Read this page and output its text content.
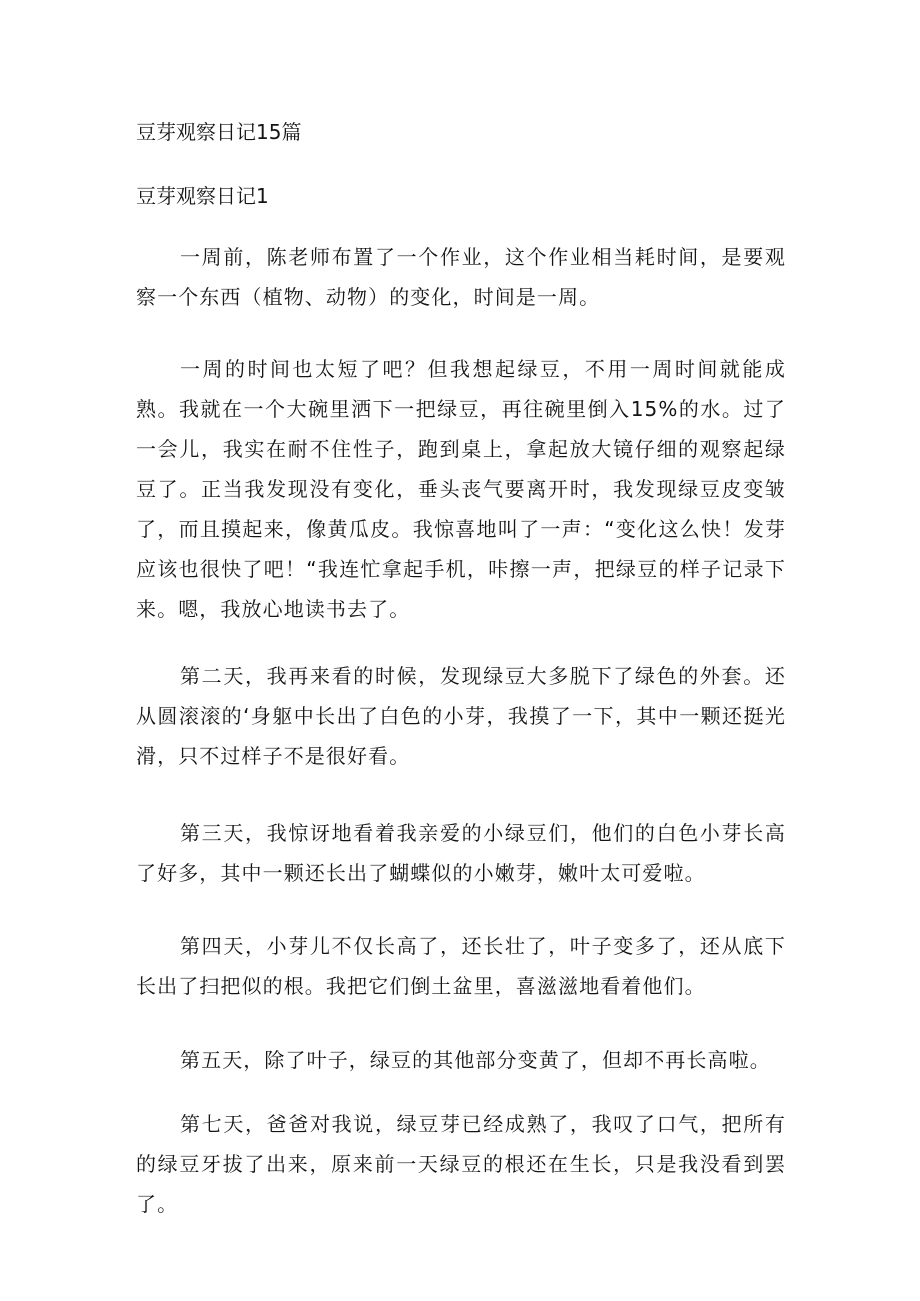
豆芽观察日记15篇
豆芽观察日记1

一周前，陈老师布置了一个作业，这个作业相当耗时间，是要观察一个东西（植物、动物）的变化，时间是一周。

一周的时间也太短了吧？但我想起绿豆，不用一周时间就能成熟。我就在一个大碗里洒下一把绿豆，再往碗里倒入15%的水。过了一会儿，我实在耐不住性子，跑到桌上，拿起放大镜仔细的观察起绿豆了。正当我发现没有变化，垂头丧气要离开时，我发现绿豆皮变皱了，而且摸起来，像黄瓜皮。我惊喜地叫了一声：“变化这么快！发芽应该也很快了吧！“我连忙拿起手机，咔擦一声，把绿豆的样子记录下来。嗯，我放心地读书去了。

第二天，我再来看的时候，发现绿豆大多脱下了绿色的外套。还从圆滚滚的‘身躯中长出了白色的小芽，我摸了一下，其中一颗还挺光滑，只不过样子不是很好看。

第三天，我惊讶地看着我亲爱的小绿豆们，他们的白色小芽长高了好多，其中一颗还长出了蝴蝶似的小嫩芽，嫩叶太可爱啦。

第四天，小芽儿不仅长高了，还长壮了，叶子变多了，还从底下长出了扫把似的根。我把它们倒土盆里，喜滋滋地看着他们。

第五天，除了叶子，绿豆的其他部分变黄了，但却不再长高啦。

第七天，爸爸对我说，绿豆芽已经成熟了，我叹了口气，把所有的绿豆牙拔了出来，原来前一天绿豆的根还在生长，只是我没看到罢了。
